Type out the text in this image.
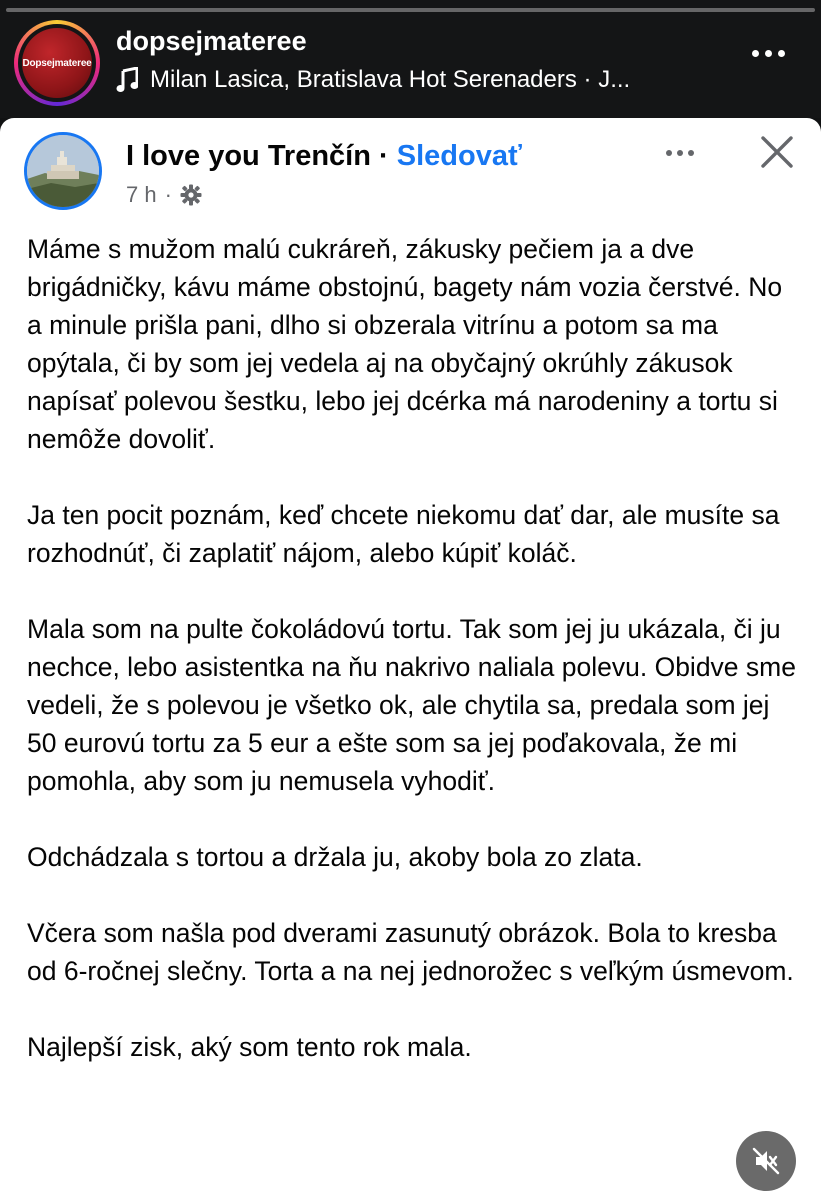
Dopsejmateree
dopsejmateree
Milan Lasica, Bratislava Hot Serenaders · J...
I love you Trenčín · Sledovať
7 h ·

Máme s mužom malú cukráreň, zákusky pečiem ja a dve brigádničky, kávu máme obstojnú, bagety nám vozia čerstvé. No a minule prišla pani, dlho si obzerala vitrínu a potom sa ma opýtala, či by som jej vedela aj na obyčajný okrúhly zákusok napísať polevou šestku, lebo jej dcérka má narodeniny a tortu si nemôže dovoliť.

Ja ten pocit poznám, keď chcete niekomu dať dar, ale musíte sa rozhodnúť, či zaplatiť nájom, alebo kúpiť koláč.

Mala som na pulte čokoládovú tortu. Tak som jej ju ukázala, či ju nechce, lebo asistentka na ňu nakrivo naliala polevu. Obidve sme vedeli, že s polevou je všetko ok, ale chytila sa, predala som jej 50 eurovú tortu za 5 eur a ešte som sa jej poďakovala, že mi pomohla, aby som ju nemusela vyhodiť.

Odchádzala s tortou a držala ju, akoby bola zo zlata.

Včera som našla pod dverami zasunutý obrázok. Bola to kresba od 6-ročnej slečny. Torta a na nej jednorožec s veľkým úsmevom.

Najlepší zisk, aký som tento rok mala.
